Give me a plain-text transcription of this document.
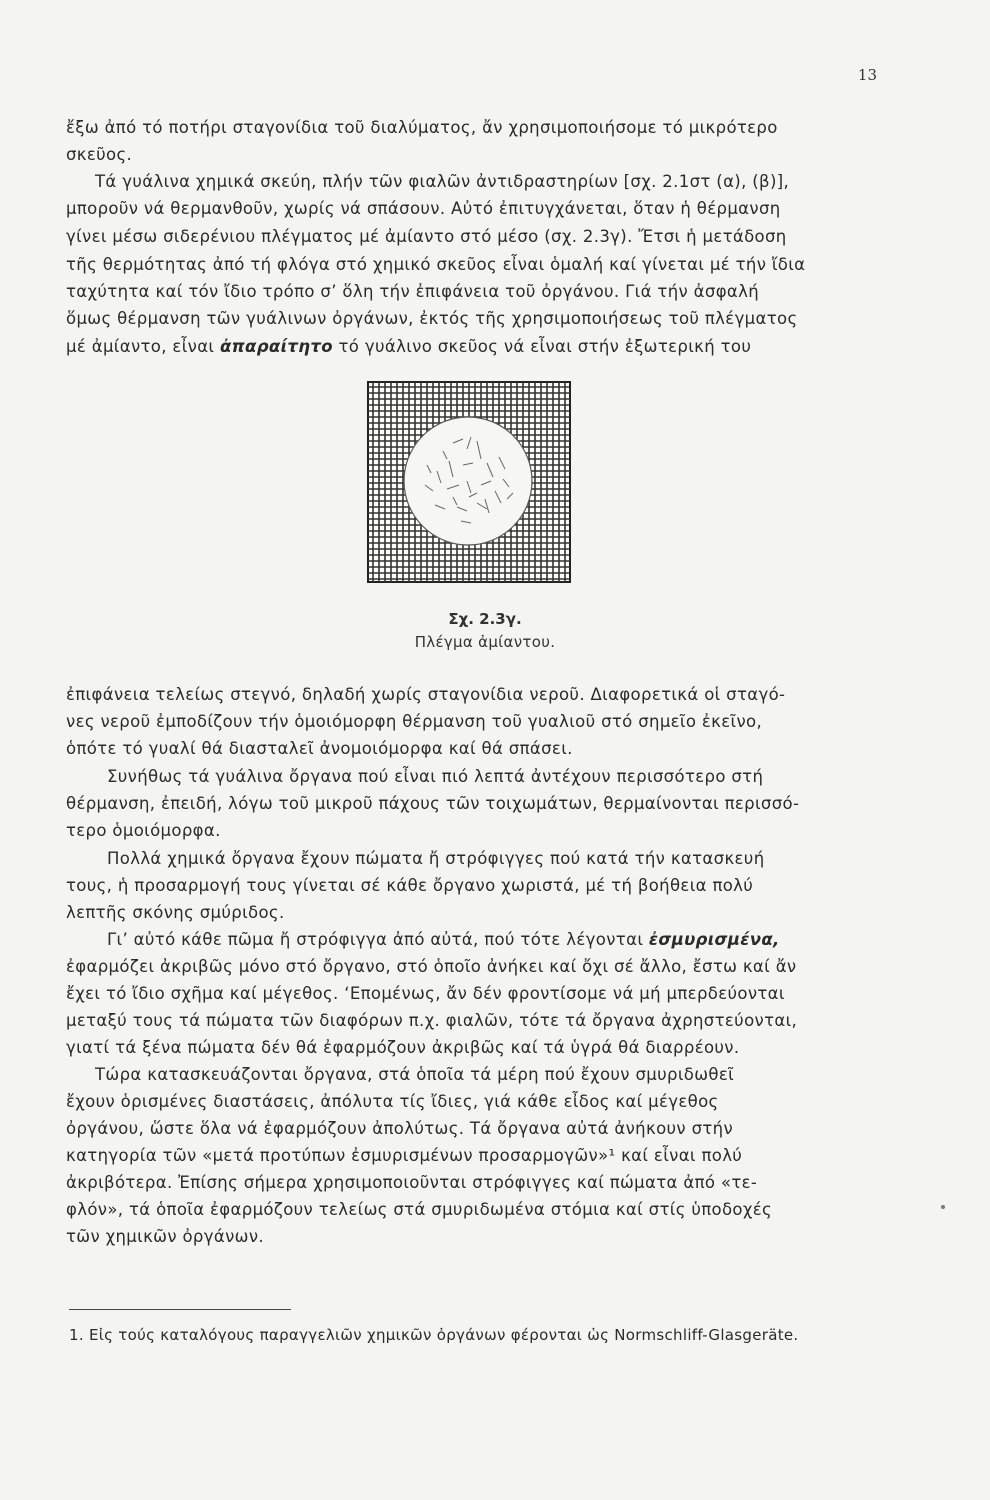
13
ἔξω ἀπό τό ποτήρι σταγονίδια τοῦ διαλύματος, ἄν χρησιμοποιήσομε τό μικρότερο
σκεῦος.
Τά γυάλινα χημικά σκεύη, πλήν τῶν φιαλῶν ἀντιδραστηρίων [σχ. 2.1στ (α), (β)],
μποροῦν νά θερμανθοῦν, χωρίς νά σπάσουν. Αὐτό ἐπιτυγχάνεται, ὅταν ἡ θέρμανση
γίνει μέσω σιδερένιου πλέγματος μέ ἀμίαντο στό μέσο (σχ. 2.3γ). Ἔτσι ἡ μετάδοση
τῆς θερμότητας ἀπό τή φλόγα στό χημικό σκεῦος εἶναι ὁμαλή καί γίνεται μέ τήν ἴδια
ταχύτητα καί τόν ἴδιο τρόπο σ’ ὅλη τήν ἐπιφάνεια τοῦ ὀργάνου. Γιά τήν ἀσφαλή
ὅμως θέρμανση τῶν γυάλινων ὀργάνων, ἐκτός τῆς χρησιμοποιήσεως τοῦ πλέγματος
μέ ἀμίαντο, εἶναι ἀπαραίτητο τό γυάλινο σκεῦος νά εἶναι στήν ἐξωτερική του
Σχ. 2.3γ.
Πλέγμα ἀμίαντου.
ἐπιφάνεια τελείως στεγνό, δηλαδή χωρίς σταγονίδια νεροῦ. Διαφορετικά οἱ σταγό-
νες νεροῦ ἐμποδίζουν τήν ὁμοιόμορφη θέρμανση τοῦ γυαλιοῦ στό σημεῖο ἐκεῖνο,
ὁπότε τό γυαλί θά διασταλεῖ ἀνομοιόμορφα καί θά σπάσει.
Συνήθως τά γυάλινα ὄργανα πού εἶναι πιό λεπτά ἀντέχουν περισσότερο στή
θέρμανση, ἐπειδή, λόγω τοῦ μικροῦ πάχους τῶν τοιχωμάτων, θερμαίνονται περισσό-
τερο ὁμοιόμορφα.
Πολλά χημικά ὄργανα ἔχουν πώματα ἤ στρόφιγγες πού κατά τήν κατασκευή
τους, ἡ προσαρμογή τους γίνεται σέ κάθε ὄργανο χωριστά, μέ τή βοήθεια πολύ
λεπτῆς σκόνης σμύριδος.
Γι’ αὐτό κάθε πῶμα ἤ στρόφιγγα ἀπό αὐτά, πού τότε λέγονται ἐσμυρισμένα,
ἐφαρμόζει ἀκριβῶς μόνο στό ὄργανο, στό ὁποῖο ἀνήκει καί ὄχι σέ ἄλλο, ἔστω καί ἄν
ἔχει τό ἴδιο σχῆμα καί μέγεθος. ‘Επομένως, ἄν δέν φροντίσομε νά μή μπερδεύονται
μεταξύ τους τά πώματα τῶν διαφόρων π.χ. φιαλῶν, τότε τά ὄργανα ἀχρηστεύονται,
γιατί τά ξένα πώματα δέν θά ἐφαρμόζουν ἀκριβῶς καί τά ὑγρά θά διαρρέουν.
Τώρα κατασκευάζονται ὄργανα, στά ὁποῖα τά μέρη πού ἔχουν σμυριδωθεῖ
ἔχουν ὁρισμένες διαστάσεις, ἀπόλυτα τίς ἴδιες, γιά κάθε εἶδος καί μέγεθος
ὀργάνου, ὥστε ὅλα νά ἐφαρμόζουν ἀπολύτως. Τά ὄργανα αὐτά ἀνήκουν στήν
κατηγορία τῶν «μετά προτύπων ἐσμυρισμένων προσαρμογῶν»¹ καί εἶναι πολύ
ἀκριβότερα. Ἐπίσης σήμερα χρησιμοποιοῦνται στρόφιγγες καί πώματα ἀπό «τε-
φλόν», τά ὁποῖα ἐφαρμόζουν τελείως στά σμυριδωμένα στόμια καί στίς ὑποδοχές
τῶν χημικῶν ὀργάνων.
1. Εἰς τούς καταλόγους παραγγελιῶν χημικῶν ὀργάνων φέρονται ὡς Normschliff-Glasgeräte.
